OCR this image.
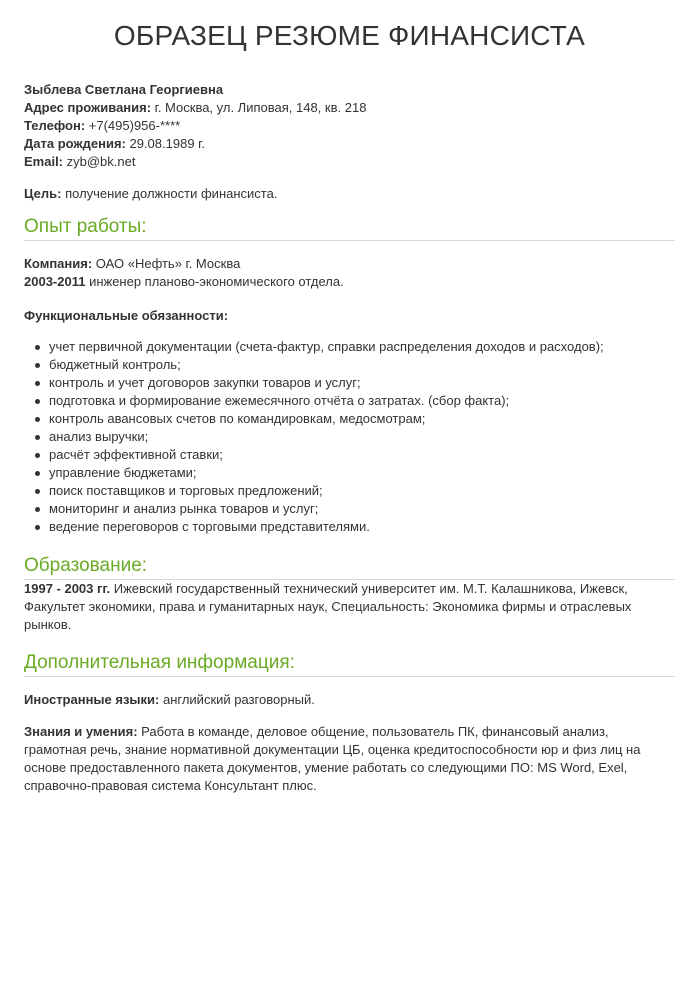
ОБРАЗЕЦ РЕЗЮМЕ ФИНАНСИСТА

Зыблева Светлана Георгиевна

Адрес проживания: г. Москва, ул. Липовая, 148, кв. 218

Телефон: +7(495)956-****

Дата рождения: 29.08.1989 г.

Email: zyb@bk.net

Цель: получение должности финансиста.

Опыт работы:

Компания: ОАО «Нефть» г. Москва

2003-2011 инженер планово-экономического отдела.

Функциональные обязанности:

учет первичной документации (счета-фактур, справки распределения доходов и расходов);
бюджетный контроль;
контроль и учет договоров закупки товаров и услуг;
подготовка и формирование ежемесячного отчёта о затратах. (сбор факта);
контроль авансовых счетов по командировкам, медосмотрам;
анализ выручки;
расчёт эффективной ставки;
управление бюджетами;
поиск поставщиков и торговых предложений;
мониторинг и анализ рынка товаров и услуг;
ведение переговоров с торговыми представителями.
Образование:

1997 - 2003 гг. Ижевский государственный технический университет им. М.Т. Калашникова, Ижевск, Факультет экономики, права и гуманитарных наук, Специальность: Экономика фирмы и отраслевых рынков.

Дополнительная информация:

Иностранные языки: английский разговорный.

Знания и умения: Работа в команде, деловое общение, пользователь ПК, финансовый анализ, грамотная речь, знание нормативной документации ЦБ, оценка кредитоспособности юр и физ лиц на основе предоставленного пакета документов, умение работать со следующими ПО: MS Word, Exel, справочно-правовая система Консультант плюс.
